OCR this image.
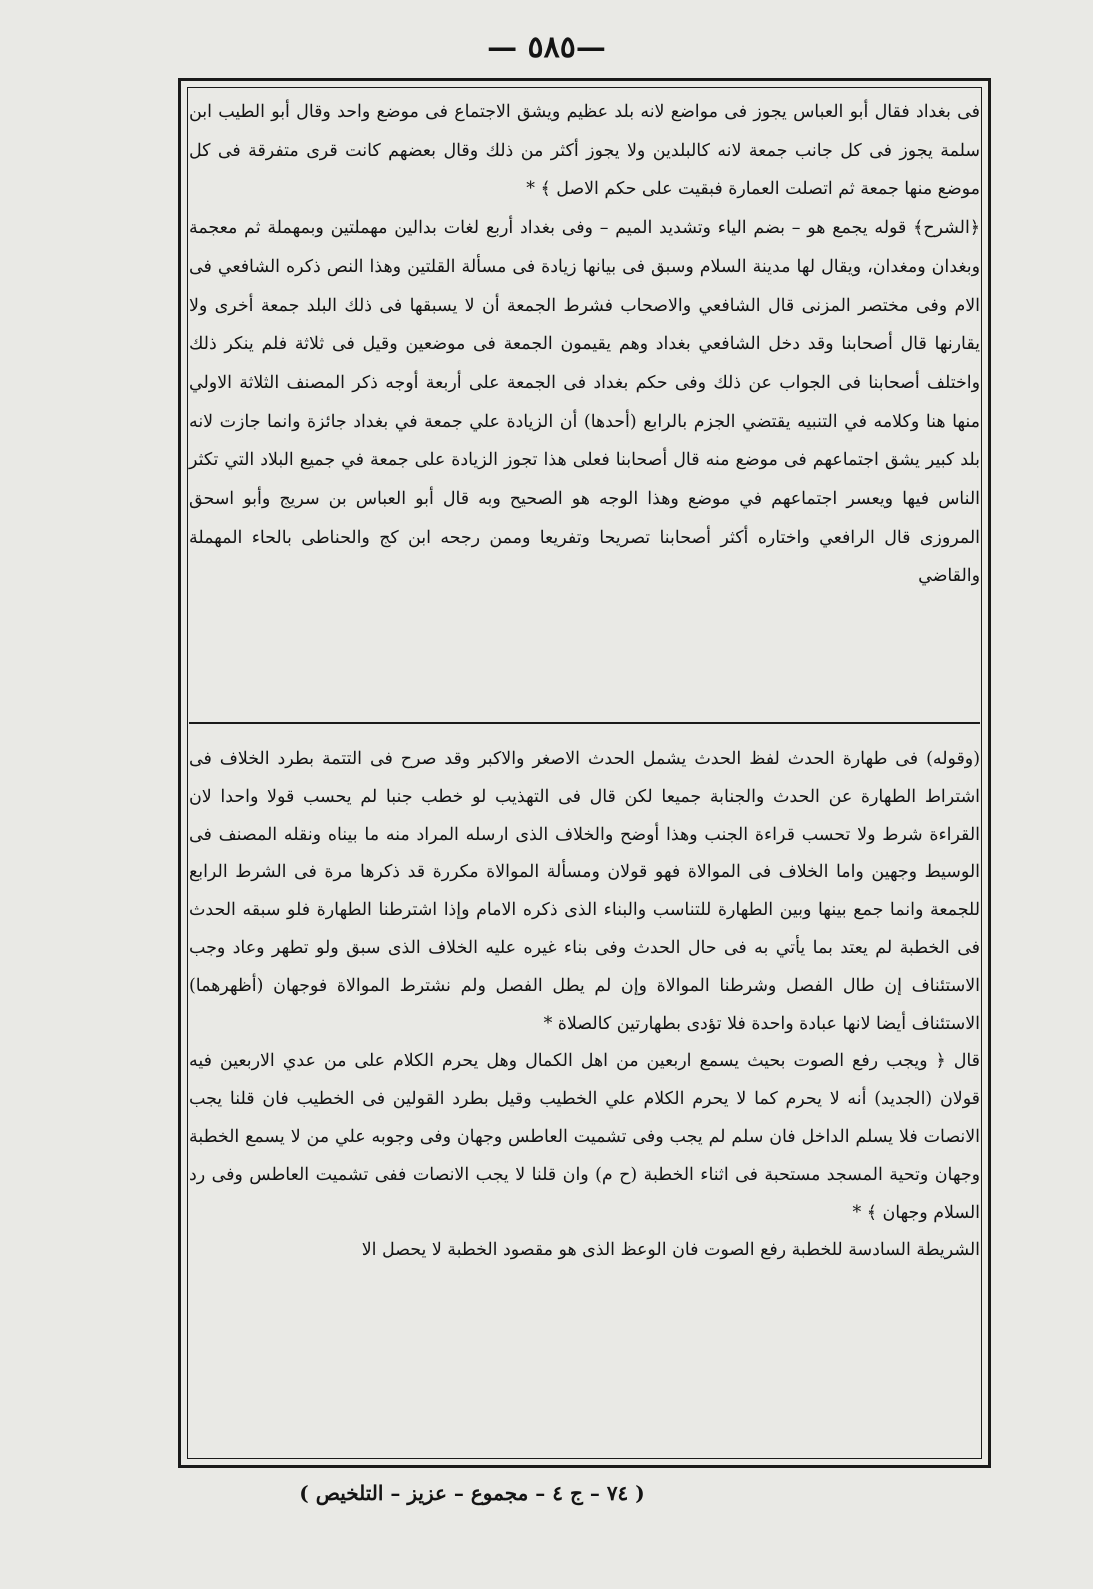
—٥٨٥ —

فى بغداد فقال أبو العباس يجوز فى مواضع لانه بلد عظيم ويشق الاجتماع فى موضع واحد وقال أبو الطيب ابن سلمة يجوز فى كل جانب جمعة لانه كالبلدين ولا يجوز أكثر من ذلك وقال بعضهم كانت قرى متفرقة فى كل موضع منها جمعة ثم اتصلت العمارة فبقيت على حكم الاصل ﴾ *

﴿الشرح﴾ قوله يجمع هو – بضم الياء وتشديد الميم – وفى بغداد أربع لغات بدالين مهملتين وبمهملة ثم معجمة وبغدان ومغدان، ويقال لها مدينة السلام وسبق فى بيانها زيادة فى مسألة القلتين وهذا النص ذكره الشافعي فى الام وفى مختصر المزنى قال الشافعي والاصحاب فشرط الجمعة أن لا يسبقها فى ذلك البلد جمعة أخرى ولا يقارنها قال أصحابنا وقد دخل الشافعي بغداد وهم يقيمون الجمعة فى موضعين وقيل فى ثلاثة فلم ينكر ذلك واختلف أصحابنا فى الجواب عن ذلك وفى حكم بغداد فى الجمعة على أربعة أوجه ذكر المصنف الثلاثة الاولي منها هنا وكلامه في التنبيه يقتضي الجزم بالرابع (أحدها) أن الزيادة علي جمعة في بغداد جائزة وانما جازت لانه بلد كبير يشق اجتماعهم فى موضع منه قال أصحابنا فعلى هذا تجوز الزيادة على جمعة في جميع البلاد التي تكثر الناس فيها ويعسر اجتماعهم في موضع وهذا الوجه هو الصحيح وبه قال أبو العباس بن سريج وأبو اسحق المروزى قال الرافعي واختاره أكثر أصحابنا تصريحا وتفريعا وممن رجحه ابن كج والحناطى بالحاء المهملة والقاضي

(وقوله) فى طهارة الحدث لفظ الحدث يشمل الحدث الاصغر والاكبر وقد صرح فى التتمة بطرد الخلاف فى اشتراط الطهارة عن الحدث والجنابة جميعا لكن قال فى التهذيب لو خطب جنبا لم يحسب قولا واحدا لان القراءة شرط ولا تحسب قراءة الجنب وهذا أوضح والخلاف الذى ارسله المراد منه ما بيناه ونقله المصنف فى الوسيط وجهين واما الخلاف فى الموالاة فهو قولان ومسألة الموالاة مكررة قد ذكرها مرة فى الشرط الرابع للجمعة وانما جمع بينها وبين الطهارة للتناسب والبناء الذى ذكره الامام وإذا اشترطنا الطهارة فلو سبقه الحدث فى الخطبة لم يعتد بما يأتي به فى حال الحدث وفى بناء غيره عليه الخلاف الذى سبق ولو تطهر وعاد وجب الاستئناف إن طال الفصل وشرطنا الموالاة وإن لم يطل الفصل ولم نشترط الموالاة فوجهان (أظهرهما) الاستئناف أيضا لانها عبادة واحدة فلا تؤدى بطهارتين كالصلاة *

قال ﴿ ويجب رفع الصوت بحيث يسمع اربعين من اهل الكمال وهل يحرم الكلام على من عدي الاربعين فيه قولان (الجديد) أنه لا يحرم كما لا يحرم الكلام علي الخطيب وقيل بطرد القولين فى الخطيب فان قلنا يجب الانصات فلا يسلم الداخل فان سلم لم يجب وفى تشميت العاطس وجهان وفى وجوبه علي من لا يسمع الخطبة وجهان وتحية المسجد مستحبة فى اثناء الخطبة (ح م) وان قلنا لا يجب الانصات ففى تشميت العاطس وفى رد السلام وجهان ﴾ *

الشريطة السادسة للخطبة رفع الصوت فان الوعظ الذى هو مقصود الخطبة لا يحصل الا

( ٧٤ – ج ٤ – مجموع – عزيز – التلخيص )
